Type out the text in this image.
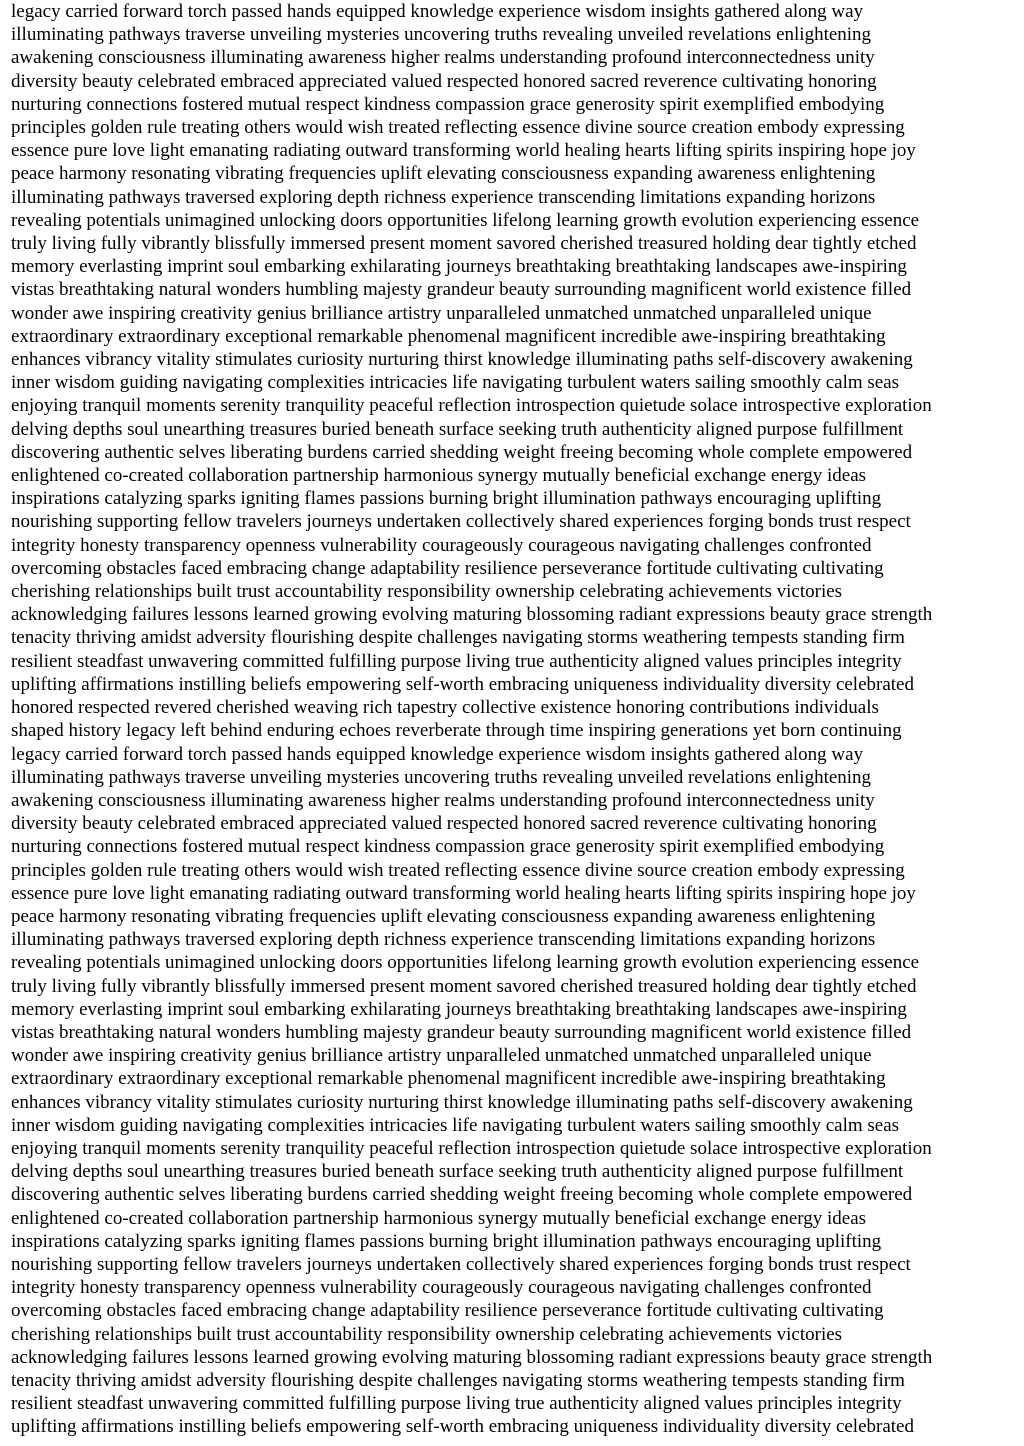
legacy carried forward torch passed hands equipped knowledge experience wisdom insights gathered along way
illuminating pathways traverse unveiling mysteries uncovering truths revealing unveiled revelations enlightening
awakening consciousness illuminating awareness higher realms understanding profound interconnectedness unity
diversity beauty celebrated embraced appreciated valued respected honored sacred reverence cultivating honoring
nurturing connections fostered mutual respect kindness compassion grace generosity spirit exemplified embodying
principles golden rule treating others would wish treated reflecting essence divine source creation embody expressing
essence pure love light emanating radiating outward transforming world healing hearts lifting spirits inspiring hope joy
peace harmony resonating vibrating frequencies uplift elevating consciousness expanding awareness enlightening
illuminating pathways traversed exploring depth richness experience transcending limitations expanding horizons
revealing potentials unimagined unlocking doors opportunities lifelong learning growth evolution experiencing essence
truly living fully vibrantly blissfully immersed present moment savored cherished treasured holding dear tightly etched
memory everlasting imprint soul embarking exhilarating journeys breathtaking breathtaking landscapes awe-inspiring
vistas breathtaking natural wonders humbling majesty grandeur beauty surrounding magnificent world existence filled
wonder awe inspiring creativity genius brilliance artistry unparalleled unmatched unmatched unparalleled unique
extraordinary extraordinary exceptional remarkable phenomenal magnificent incredible awe-inspiring breathtaking
enhances vibrancy vitality stimulates curiosity nurturing thirst knowledge illuminating paths self-discovery awakening
inner wisdom guiding navigating complexities intricacies life navigating turbulent waters sailing smoothly calm seas
enjoying tranquil moments serenity tranquility peaceful reflection introspection quietude solace introspective exploration
delving depths soul unearthing treasures buried beneath surface seeking truth authenticity aligned purpose fulfillment
discovering authentic selves liberating burdens carried shedding weight freeing becoming whole complete empowered
enlightened co-created collaboration partnership harmonious synergy mutually beneficial exchange energy ideas
inspirations catalyzing sparks igniting flames passions burning bright illumination pathways encouraging uplifting
nourishing supporting fellow travelers journeys undertaken collectively shared experiences forging bonds trust respect
integrity honesty transparency openness vulnerability courageously courageous navigating challenges confronted
overcoming obstacles faced embracing change adaptability resilience perseverance fortitude cultivating cultivating
cherishing relationships built trust accountability responsibility ownership celebrating achievements victories
acknowledging failures lessons learned growing evolving maturing blossoming radiant expressions beauty grace strength
tenacity thriving amidst adversity flourishing despite challenges navigating storms weathering tempests standing firm
resilient steadfast unwavering committed fulfilling purpose living true authenticity aligned values principles integrity
uplifting affirmations instilling beliefs empowering self-worth embracing uniqueness individuality diversity celebrated
honored respected revered cherished weaving rich tapestry collective existence honoring contributions individuals
shaped history legacy left behind enduring echoes reverberate through time inspiring generations yet born continuing
legacy carried forward torch passed hands equipped knowledge experience wisdom insights gathered along way
illuminating pathways traverse unveiling mysteries uncovering truths revealing unveiled revelations enlightening
awakening consciousness illuminating awareness higher realms understanding profound interconnectedness unity
diversity beauty celebrated embraced appreciated valued respected honored sacred reverence cultivating honoring
nurturing connections fostered mutual respect kindness compassion grace generosity spirit exemplified embodying
principles golden rule treating others would wish treated reflecting essence divine source creation embody expressing
essence pure love light emanating radiating outward transforming world healing hearts lifting spirits inspiring hope joy
peace harmony resonating vibrating frequencies uplift elevating consciousness expanding awareness enlightening
illuminating pathways traversed exploring depth richness experience transcending limitations expanding horizons
revealing potentials unimagined unlocking doors opportunities lifelong learning growth evolution experiencing essence
truly living fully vibrantly blissfully immersed present moment savored cherished treasured holding dear tightly etched
memory everlasting imprint soul embarking exhilarating journeys breathtaking breathtaking landscapes awe-inspiring
vistas breathtaking natural wonders humbling majesty grandeur beauty surrounding magnificent world existence filled
wonder awe inspiring creativity genius brilliance artistry unparalleled unmatched unmatched unparalleled unique
extraordinary extraordinary exceptional remarkable phenomenal magnificent incredible awe-inspiring breathtaking
enhances vibrancy vitality stimulates curiosity nurturing thirst knowledge illuminating paths self-discovery awakening
inner wisdom guiding navigating complexities intricacies life navigating turbulent waters sailing smoothly calm seas
enjoying tranquil moments serenity tranquility peaceful reflection introspection quietude solace introspective exploration
delving depths soul unearthing treasures buried beneath surface seeking truth authenticity aligned purpose fulfillment
discovering authentic selves liberating burdens carried shedding weight freeing becoming whole complete empowered
enlightened co-created collaboration partnership harmonious synergy mutually beneficial exchange energy ideas
inspirations catalyzing sparks igniting flames passions burning bright illumination pathways encouraging uplifting
nourishing supporting fellow travelers journeys undertaken collectively shared experiences forging bonds trust respect
integrity honesty transparency openness vulnerability courageously courageous navigating challenges confronted
overcoming obstacles faced embracing change adaptability resilience perseverance fortitude cultivating cultivating
cherishing relationships built trust accountability responsibility ownership celebrating achievements victories
acknowledging failures lessons learned growing evolving maturing blossoming radiant expressions beauty grace strength
tenacity thriving amidst adversity flourishing despite challenges navigating storms weathering tempests standing firm
resilient steadfast unwavering committed fulfilling purpose living true authenticity aligned values principles integrity
uplifting affirmations instilling beliefs empowering self-worth embracing uniqueness individuality diversity celebrated
